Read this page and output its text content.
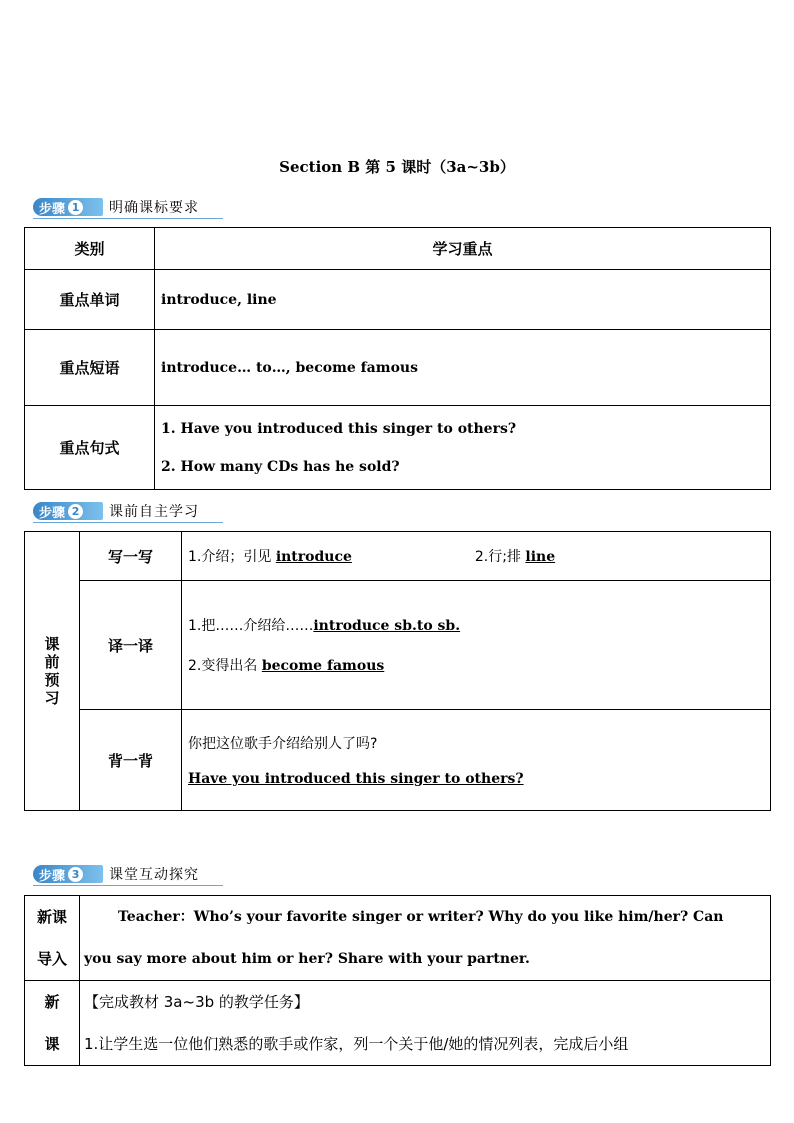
Section B 第 5 课时（3a~3b）
步骤 1 明确课标要求
类别	学习重点
重点单词	introduce, line
重点短语	introduce… to…, become famous
重点句式	1. Have you introduced this singer to others?
2. How many CDs has he sold?
步骤 2 课前自主学习
课
前
预
习	写一写	1.介绍；引见 introduce 2.行;排 line
	译一译	1.把……介绍给……introduce sb.to sb.
2.变得出名 become famous

	背一背	你把这位歌手介绍给别人了吗?
Have you introduced this singer to others?
步骤 3 课堂互动探究
新课
导入	Teacher：Who’s your favorite singer or writer? Why do you like him/her? Can
you say more about him or her? Share with your partner.

新
课	【完成教材 3a~3b 的教学任务】
1.让学生选一位他们熟悉的歌手或作家，列一个关于他/她的情况列表，完成后小组
